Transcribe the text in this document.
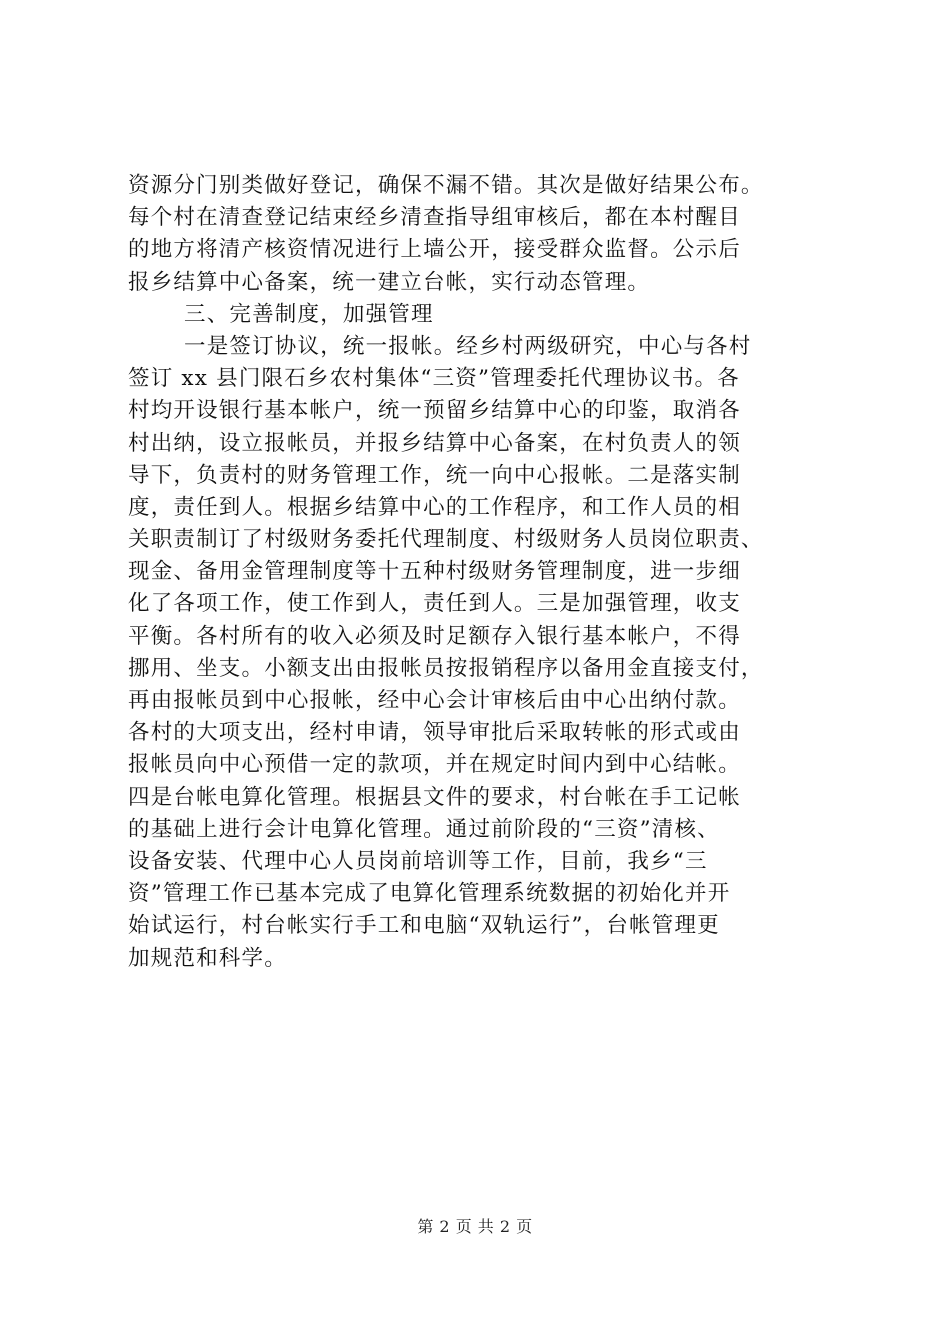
资源分门别类做好登记，确保不漏不错。其次是做好结果公布。
每个村在清查登记结束经乡清查指导组审核后，都在本村醒目
的地方将清产核资情况进行上墙公开，接受群众监督。公示后
报乡结算中心备案，统一建立台帐，实行动态管理。
三、完善制度，加强管理
一是签订协议，统一报帐。经乡村两级研究，中心与各村
签订 xx 县门限石乡农村集体“三资”管理委托代理协议书。各
村均开设银行基本帐户，统一预留乡结算中心的印鉴，取消各
村出纳，设立报帐员，并报乡结算中心备案，在村负责人的领
导下，负责村的财务管理工作，统一向中心报帐。二是落实制
度，责任到人。根据乡结算中心的工作程序，和工作人员的相
关职责制订了村级财务委托代理制度、村级财务人员岗位职责、
现金、备用金管理制度等十五种村级财务管理制度，进一步细
化了各项工作，使工作到人，责任到人。三是加强管理，收支
平衡。各村所有的收入必须及时足额存入银行基本帐户，不得
挪用、坐支。小额支出由报帐员按报销程序以备用金直接支付，
再由报帐员到中心报帐，经中心会计审核后由中心出纳付款。
各村的大项支出，经村申请，领导审批后采取转帐的形式或由
报帐员向中心预借一定的款项，并在规定时间内到中心结帐。
四是台帐电算化管理。根据县文件的要求，村台帐在手工记帐
的基础上进行会计电算化管理。通过前阶段的“三资”清核、
设备安装、代理中心人员岗前培训等工作，目前，我乡“三
资”管理工作已基本完成了电算化管理系统数据的初始化并开
始试运行，村台帐实行手工和电脑“双轨运行”，台帐管理更
加规范和科学。
第 2 页 共 2 页
